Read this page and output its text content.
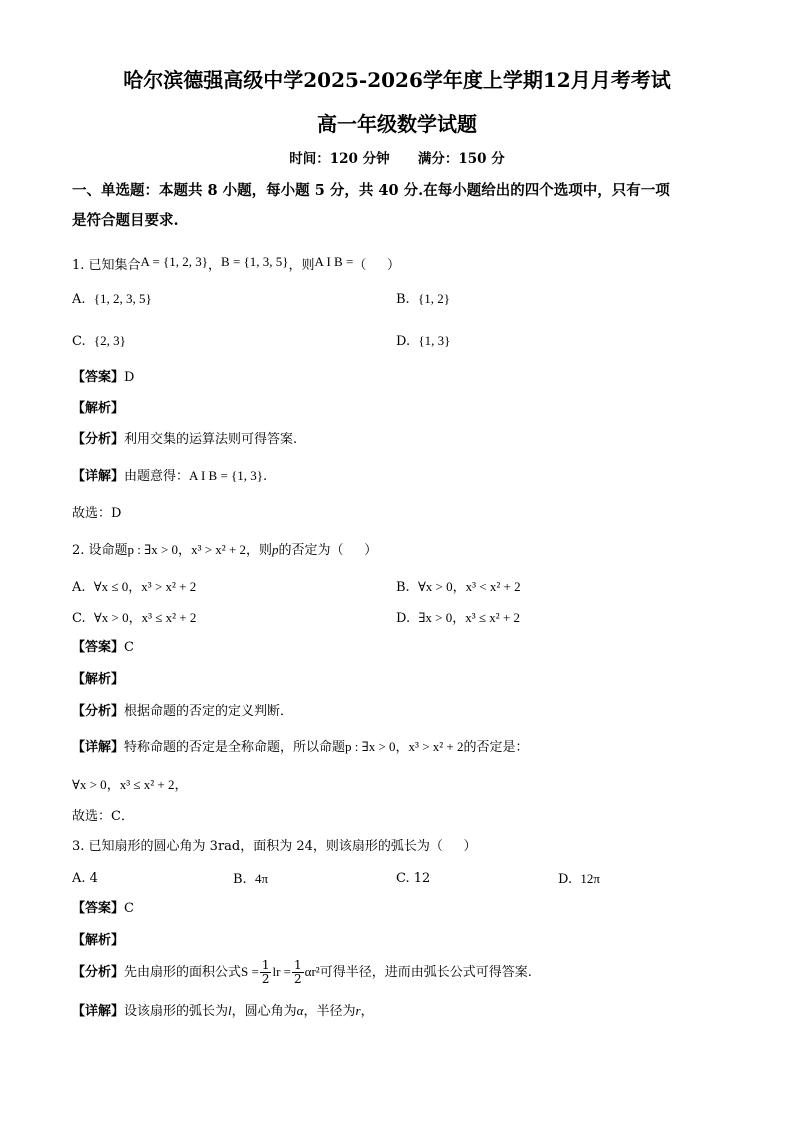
哈尔滨德强高级中学2025-2026学年度上学期12月月考考试
高一年级数学试题
时间：120 分钟      满分：150 分
一、单选题：本题共 8 小题，每小题 5 分，共 40 分.在每小题给出的四个选项中，只有一项
是符合题目要求.
1. 已知集合A = {1, 2, 3}，B = {1, 3, 5}，则A I B =（     ）
A. {1, 2, 3, 5}	B. {1, 2}
C. {2, 3}	D. {1, 3}
【答案】D
【解析】
【分析】利用交集的运算法则可得答案.
【详解】由题意得：A I B = {1, 3}.
故选：D
2. 设命题p : ∃x > 0，x³ > x² + 2，则p的否定为（     ）
A. ∀x ≤ 0，x³ > x² + 2	B. ∀x > 0，x³ < x² + 2
C. ∀x > 0，x³ ≤ x² + 2	D. ∃x > 0，x³ ≤ x² + 2
【答案】C
【解析】
【分析】根据命题的否定的定义判断．
【详解】特称命题的否定是全称命题，所以命题p : ∃x > 0，x³ > x² + 2的否定是：
∀x > 0，x³ ≤ x² + 2，
故选：C．
3. 已知扇形的圆心角为 3rad，面积为 24，则该扇形的弧长为（     ）
A. 4	B. 4π	C. 12	D. 12π
【答案】C
【解析】
【分析】先由扇形的面积公式$S = \frac{1}{2}$ lr = $\frac{1}{2} \alpha r^2$可得半径，进而由弧长公式可得答案.
【详解】设该扇形的弧长为l，圆心角为α，半径为r，
